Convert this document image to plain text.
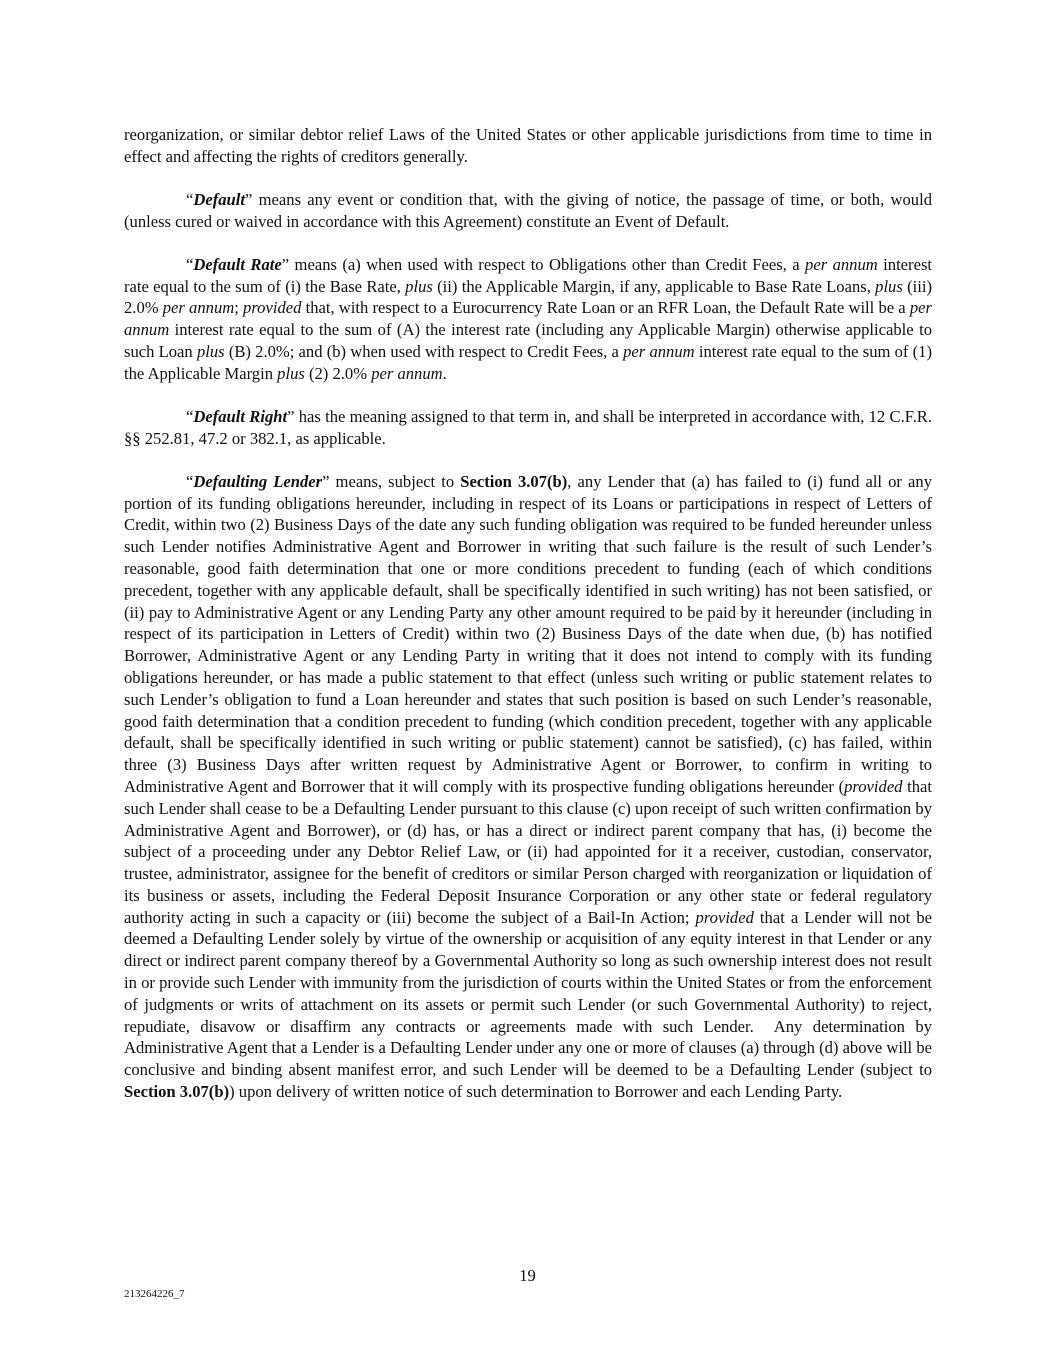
reorganization, or similar debtor relief Laws of the United States or other applicable jurisdictions from time to time in effect and affecting the rights of creditors generally.

“Default” means any event or condition that, with the giving of notice, the passage of time, or both, would (unless cured or waived in accordance with this Agreement) constitute an Event of Default.

“Default Rate” means (a) when used with respect to Obligations other than Credit Fees, a per annum interest rate equal to the sum of (i) the Base Rate, plus (ii) the Applicable Margin, if any, applicable to Base Rate Loans, plus (iii) 2.0% per annum; provided that, with respect to a Eurocurrency Rate Loan or an RFR Loan, the Default Rate will be a per annum interest rate equal to the sum of (A) the interest rate (including any Applicable Margin) otherwise applicable to such Loan plus (B) 2.0%; and (b) when used with respect to Credit Fees, a per annum interest rate equal to the sum of (1) the Applicable Margin plus (2) 2.0% per annum.

“Default Right” has the meaning assigned to that term in, and shall be interpreted in accordance with, 12 C.F.R. §§ 252.81, 47.2 or 382.1, as applicable.

“Defaulting Lender” means, subject to Section 3.07(b), any Lender that (a) has failed to (i) fund all or any portion of its funding obligations hereunder, including in respect of its Loans or participations in respect of Letters of Credit, within two (2) Business Days of the date any such funding obligation was required to be funded hereunder unless such Lender notifies Administrative Agent and Borrower in writing that such failure is the result of such Lender’s reasonable, good faith determination that one or more conditions precedent to funding (each of which conditions precedent, together with any applicable default, shall be specifically identified in such writing) has not been satisfied, or (ii) pay to Administrative Agent or any Lending Party any other amount required to be paid by it hereunder (including in respect of its participation in Letters of Credit) within two (2) Business Days of the date when due, (b) has notified Borrower, Administrative Agent or any Lending Party in writing that it does not intend to comply with its funding obligations hereunder, or has made a public statement to that effect (unless such writing or public statement relates to such Lender’s obligation to fund a Loan hereunder and states that such position is based on such Lender’s reasonable, good faith determination that a condition precedent to funding (which condition precedent, together with any applicable default, shall be specifically identified in such writing or public statement) cannot be satisfied), (c) has failed, within three (3) Business Days after written request by Administrative Agent or Borrower, to confirm in writing to Administrative Agent and Borrower that it will comply with its prospective funding obligations hereunder (provided that such Lender shall cease to be a Defaulting Lender pursuant to this clause (c) upon receipt of such written confirmation by Administrative Agent and Borrower), or (d) has, or has a direct or indirect parent company that has, (i) become the subject of a proceeding under any Debtor Relief Law, or (ii) had appointed for it a receiver, custodian, conservator, trustee, administrator, assignee for the benefit of creditors or similar Person charged with reorganization or liquidation of its business or assets, including the Federal Deposit Insurance Corporation or any other state or federal regulatory authority acting in such a capacity or (iii) become the subject of a Bail-In Action; provided that a Lender will not be deemed a Defaulting Lender solely by virtue of the ownership or acquisition of any equity interest in that Lender or any direct or indirect parent company thereof by a Governmental Authority so long as such ownership interest does not result in or provide such Lender with immunity from the jurisdiction of courts within the United States or from the enforcement of judgments or writs of attachment on its assets or permit such Lender (or such Governmental Authority) to reject, repudiate, disavow or disaffirm any contracts or agreements made with such Lender.  Any determination by Administrative Agent that a Lender is a Defaulting Lender under any one or more of clauses (a) through (d) above will be conclusive and binding absent manifest error, and such Lender will be deemed to be a Defaulting Lender (subject to Section 3.07(b)) upon delivery of written notice of such determination to Borrower and each Lending Party.

19
213264226_7
